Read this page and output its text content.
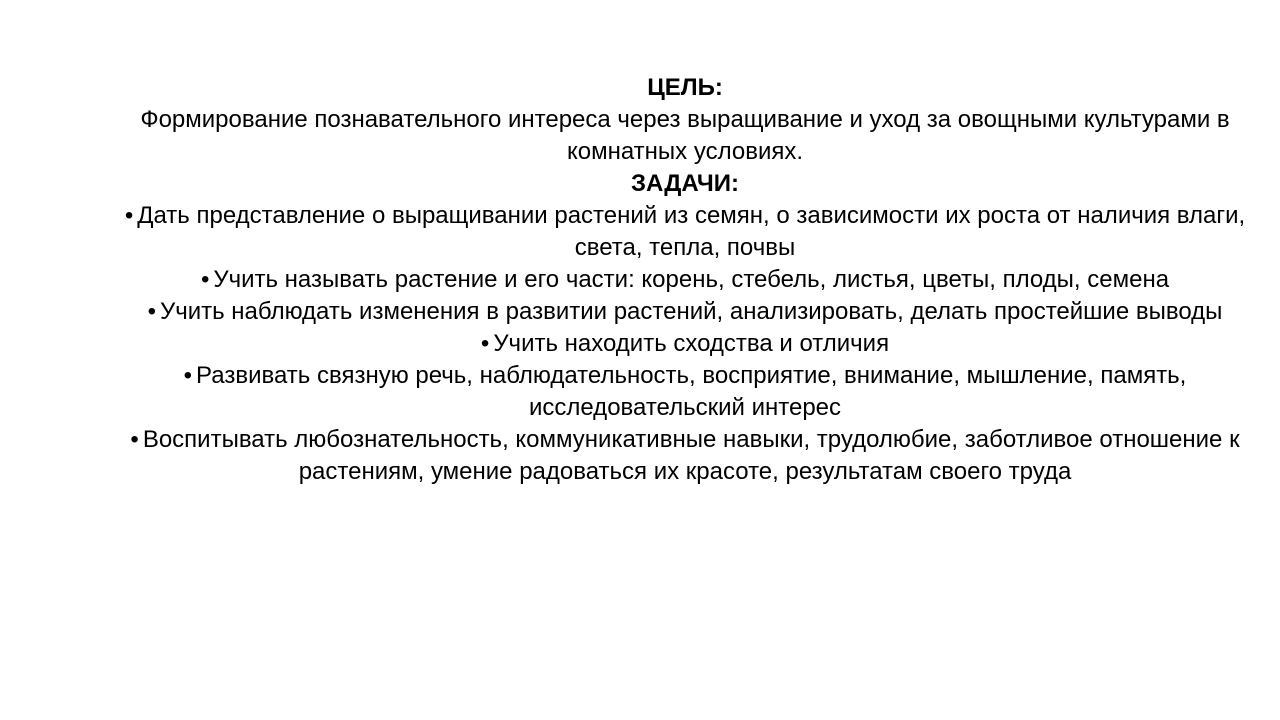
ЦЕЛЬ:
Формирование познавательного интереса через выращивание и уход за овощными культурами в комнатных условиях.
ЗАДАЧИ:
• Дать представление о выращивании растений из семян, о зависимости их роста от наличия влаги, света, тепла, почвы
• Учить называть растение и его части: корень, стебель, листья, цветы, плоды, семена
• Учить наблюдать изменения в развитии растений, анализировать, делать простейшие выводы
• Учить находить сходства и отличия
• Развивать связную речь, наблюдательность, восприятие, внимание, мышление, память, исследовательский интерес
• Воспитывать любознательность, коммуникативные навыки, трудолюбие, заботливое отношение к растениям, умение радоваться их красоте, результатам своего труда
